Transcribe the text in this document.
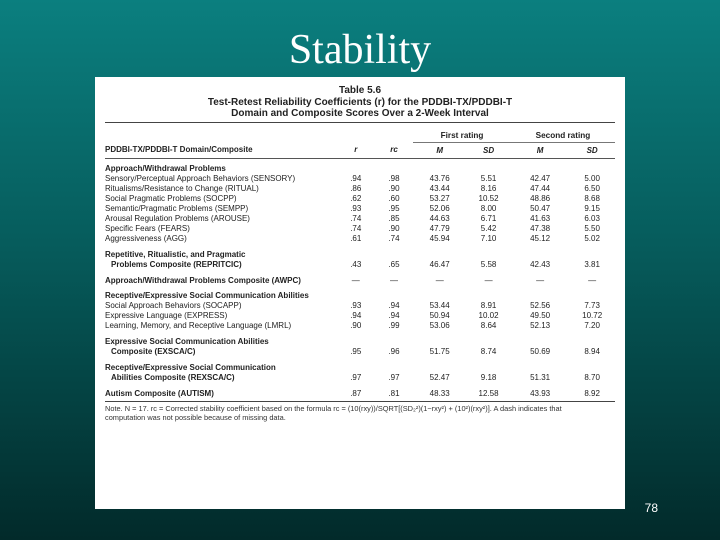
Stability
Table 5.6
Test-Retest Reliability Coefficients (r) for the PDDBI-TX/PDDBI-T
Domain and Composite Scores Over a 2-Week Interval

			First rating		Second rating	
PDDBI-TX/PDDBI-T Domain/Composite	r	rc	M	SD	M	SD
Approach/Withdrawal Problems						
Sensory/Perceptual Approach Behaviors (SENSORY)	.94	.98	43.76	5.51	42.47	5.00
Ritualisms/Resistance to Change (RITUAL)	.86	.90	43.44	8.16	47.44	6.50
Social Pragmatic Problems (SOCPP)	.62	.60	53.27	10.52	48.86	8.68
Semantic/Pragmatic Problems (SEMPP)	.93	.95	52.06	8.00	50.47	9.15
Arousal Regulation Problems (AROUSE)	.74	.85	44.63	6.71	41.63	6.03
Specific Fears (FEARS)	.74	.90	47.79	5.42	47.38	5.50
Aggressiveness (AGG)	.61	.74	45.94	7.10	45.12	5.02

Repetitive, Ritualistic, and Pragmatic						
Problems Composite (REPRITCIC)	.43	.65	46.47	5.58	42.43	3.81

Approach/Withdrawal Problems Composite (AWPC)	—	—	—	—	—	—
Receptive/Expressive Social Communication Abilities						
Social Approach Behaviors (SOCAPP)	.93	.94	53.44	8.91	52.56	7.73
Expressive Language (EXPRESS)	.94	.94	50.94	10.02	49.50	10.72
Learning, Memory, and Receptive Language (LMRL)	.90	.99	53.06	8.64	52.13	7.20

Expressive Social Communication Abilities						
Composite (EXSCA/C)	.95	.96	51.75	8.74	50.69	8.94

Receptive/Expressive Social Communication						
Abilities Composite (REXSCA/C)	.97	.97	52.47	9.18	51.31	8.70

Autism Composite (AUTISM)	.87	.81	48.33	12.58	43.93	8.92

Note. N = 17. rc = Corrected stability coefficient based on the formula rc = (10(rxy))/SQRT[(SD₂²)(1−rxy²) + (10²)(rxy²)]. A dash indicates that
computation was not possible because of missing data.
78
